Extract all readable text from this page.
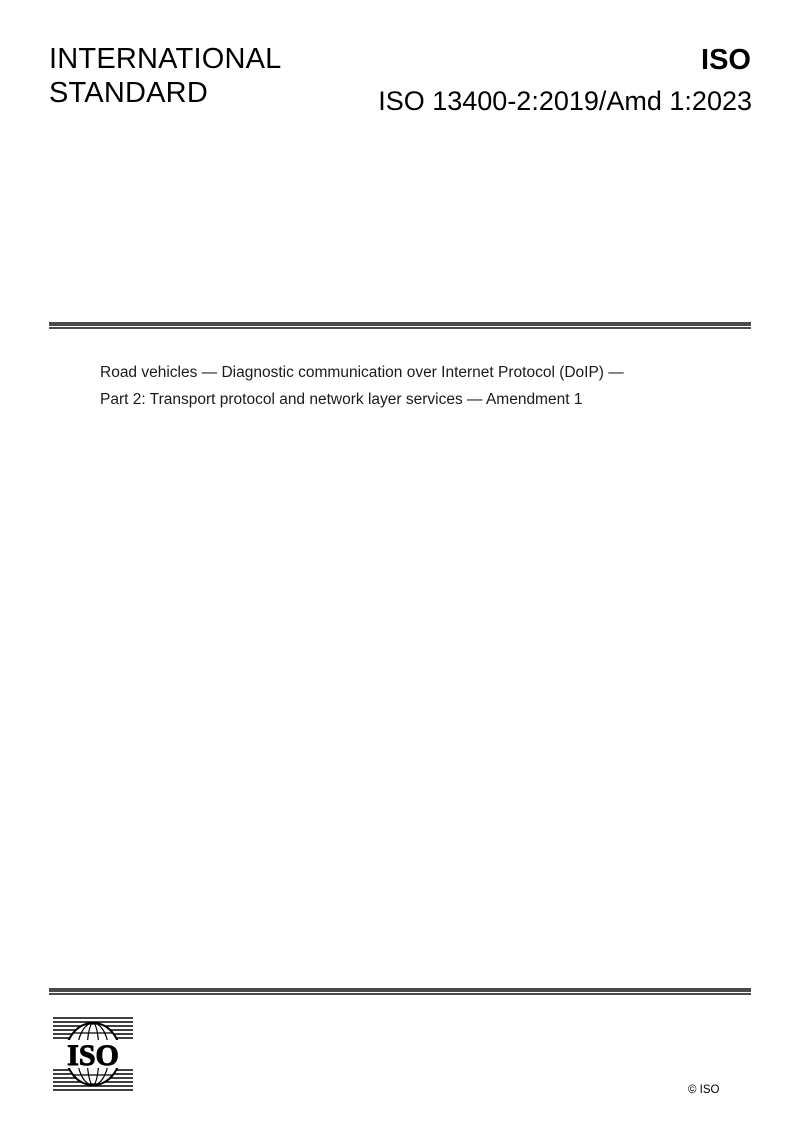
INTERNATIONAL
STANDARD
ISO
ISO 13400-2:2019/Amd 1:2023
Road vehicles — Diagnostic communication over Internet Protocol (DoIP) —
Part 2: Transport protocol and network layer services — Amendment 1
ISO
© ISO
